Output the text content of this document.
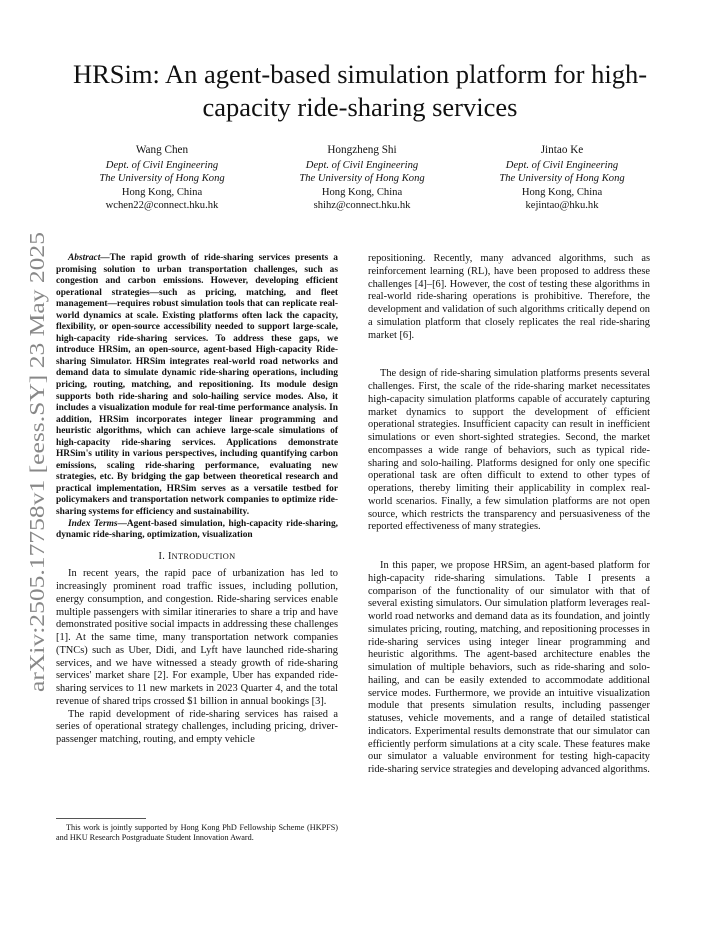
arXiv:2505.17758v1 [eess.SY] 23 May 2025
HRSim: An agent-based simulation platform for high-capacity ride-sharing services
Wang Chen
Dept. of Civil Engineering
The University of Hong Kong
Hong Kong, China
wchen22@connect.hku.hk
Hongzheng Shi
Dept. of Civil Engineering
The University of Hong Kong
Hong Kong, China
shihz@connect.hku.hk
Jintao Ke
Dept. of Civil Engineering
The University of Hong Kong
Hong Kong, China
kejintao@hku.hk

Abstract—The rapid growth of ride-sharing services presents a promising solution to urban transportation challenges, such as congestion and carbon emissions. However, developing efficient operational strategies—such as pricing, matching, and fleet management—requires robust simulation tools that can replicate real-world dynamics at scale. Existing platforms often lack the capacity, flexibility, or open-source accessibility needed to support large-scale, high-capacity ride-sharing services. To address these gaps, we introduce HRSim, an open-source, agent-based High-capacity Ride-sharing Simulator. HRSim integrates real-world road networks and demand data to simulate dynamic ride-sharing operations, including pricing, routing, matching, and repositioning. Its module design supports both ride-sharing and solo-hailing service modes. Also, it includes a visualization module for real-time performance analysis. In addition, HRSim incorporates integer linear programming and heuristic algorithms, which can achieve large-scale simulations of high-capacity ride-sharing services. Applications demonstrate HRSim's utility in various perspectives, including quantifying carbon emissions, scaling ride-sharing performance, evaluating new strategies, etc. By bridging the gap between theoretical research and practical implementation, HRSim serves as a versatile testbed for policymakers and transportation network companies to optimize ride-sharing systems for efficiency and sustainability.

Index Terms—Agent-based simulation, high-capacity ride-sharing, dynamic ride-sharing, optimization, visualization

I. INTRODUCTION

In recent years, the rapid pace of urbanization has led to increasingly prominent road traffic issues, including pollution, energy consumption, and congestion. Ride-sharing services enable multiple passengers with similar itineraries to share a trip and have demonstrated positive social impacts in addressing these challenges [1]. At the same time, many transportation network companies (TNCs) such as Uber, Didi, and Lyft have launched ride-sharing services, and we have witnessed a steady growth of ride-sharing services' market share [2]. For example, Uber has expanded ride-sharing services to 11 new markets in 2023 Quarter 4, and the total revenue of shared trips crossed $1 billion in annual bookings [3].

The rapid development of ride-sharing services has raised a series of operational strategy challenges, including pricing, driver-passenger matching, routing, and empty vehicle

repositioning. Recently, many advanced algorithms, such as reinforcement learning (RL), have been proposed to address these challenges [4]–[6]. However, the cost of testing these algorithms in real-world ride-sharing operations is prohibitive. Therefore, the development and validation of such algorithms critically depend on a simulation platform that closely replicates the real ride-sharing market [6].

The design of ride-sharing simulation platforms presents several challenges. First, the scale of the ride-sharing market necessitates high-capacity simulation platforms capable of accurately capturing market dynamics to support the development of efficient operational strategies. Insufficient capacity can result in inefficient simulations or even short-sighted strategies. Second, the market encompasses a wide range of behaviors, such as typical ride-sharing and solo-hailing. Platforms designed for only one specific operational task are often difficult to extend to other types of operations, thereby limiting their applicability in complex real-world scenarios. Finally, a few simulation platforms are not open source, which restricts the transparency and persuasiveness of the reported effectiveness of many strategies.

In this paper, we propose HRSim, an agent-based platform for high-capacity ride-sharing simulations. Table I presents a comparison of the functionality of our simulator with that of several existing simulators. Our simulation platform leverages real-world road networks and demand data as its foundation, and jointly simulates pricing, routing, matching, and repositioning processes in ride-sharing services using integer linear programming and heuristic algorithms. The agent-based architecture enables the simulation of multiple behaviors, such as ride-sharing and solo-hailing, and can be easily extended to accommodate additional service modes. Furthermore, we provide an intuitive visualization module that presents simulation results, including passenger statuses, vehicle movements, and a range of detailed statistical indicators. Experimental results demonstrate that our simulator can efficiently perform simulations at a city scale. These features make our simulator a valuable environment for testing high-capacity ride-sharing service strategies and developing advanced algorithms.

This work is jointly supported by Hong Kong PhD Fellowship Scheme (HKPFS) and HKU Research Postgraduate Student Innovation Award.
